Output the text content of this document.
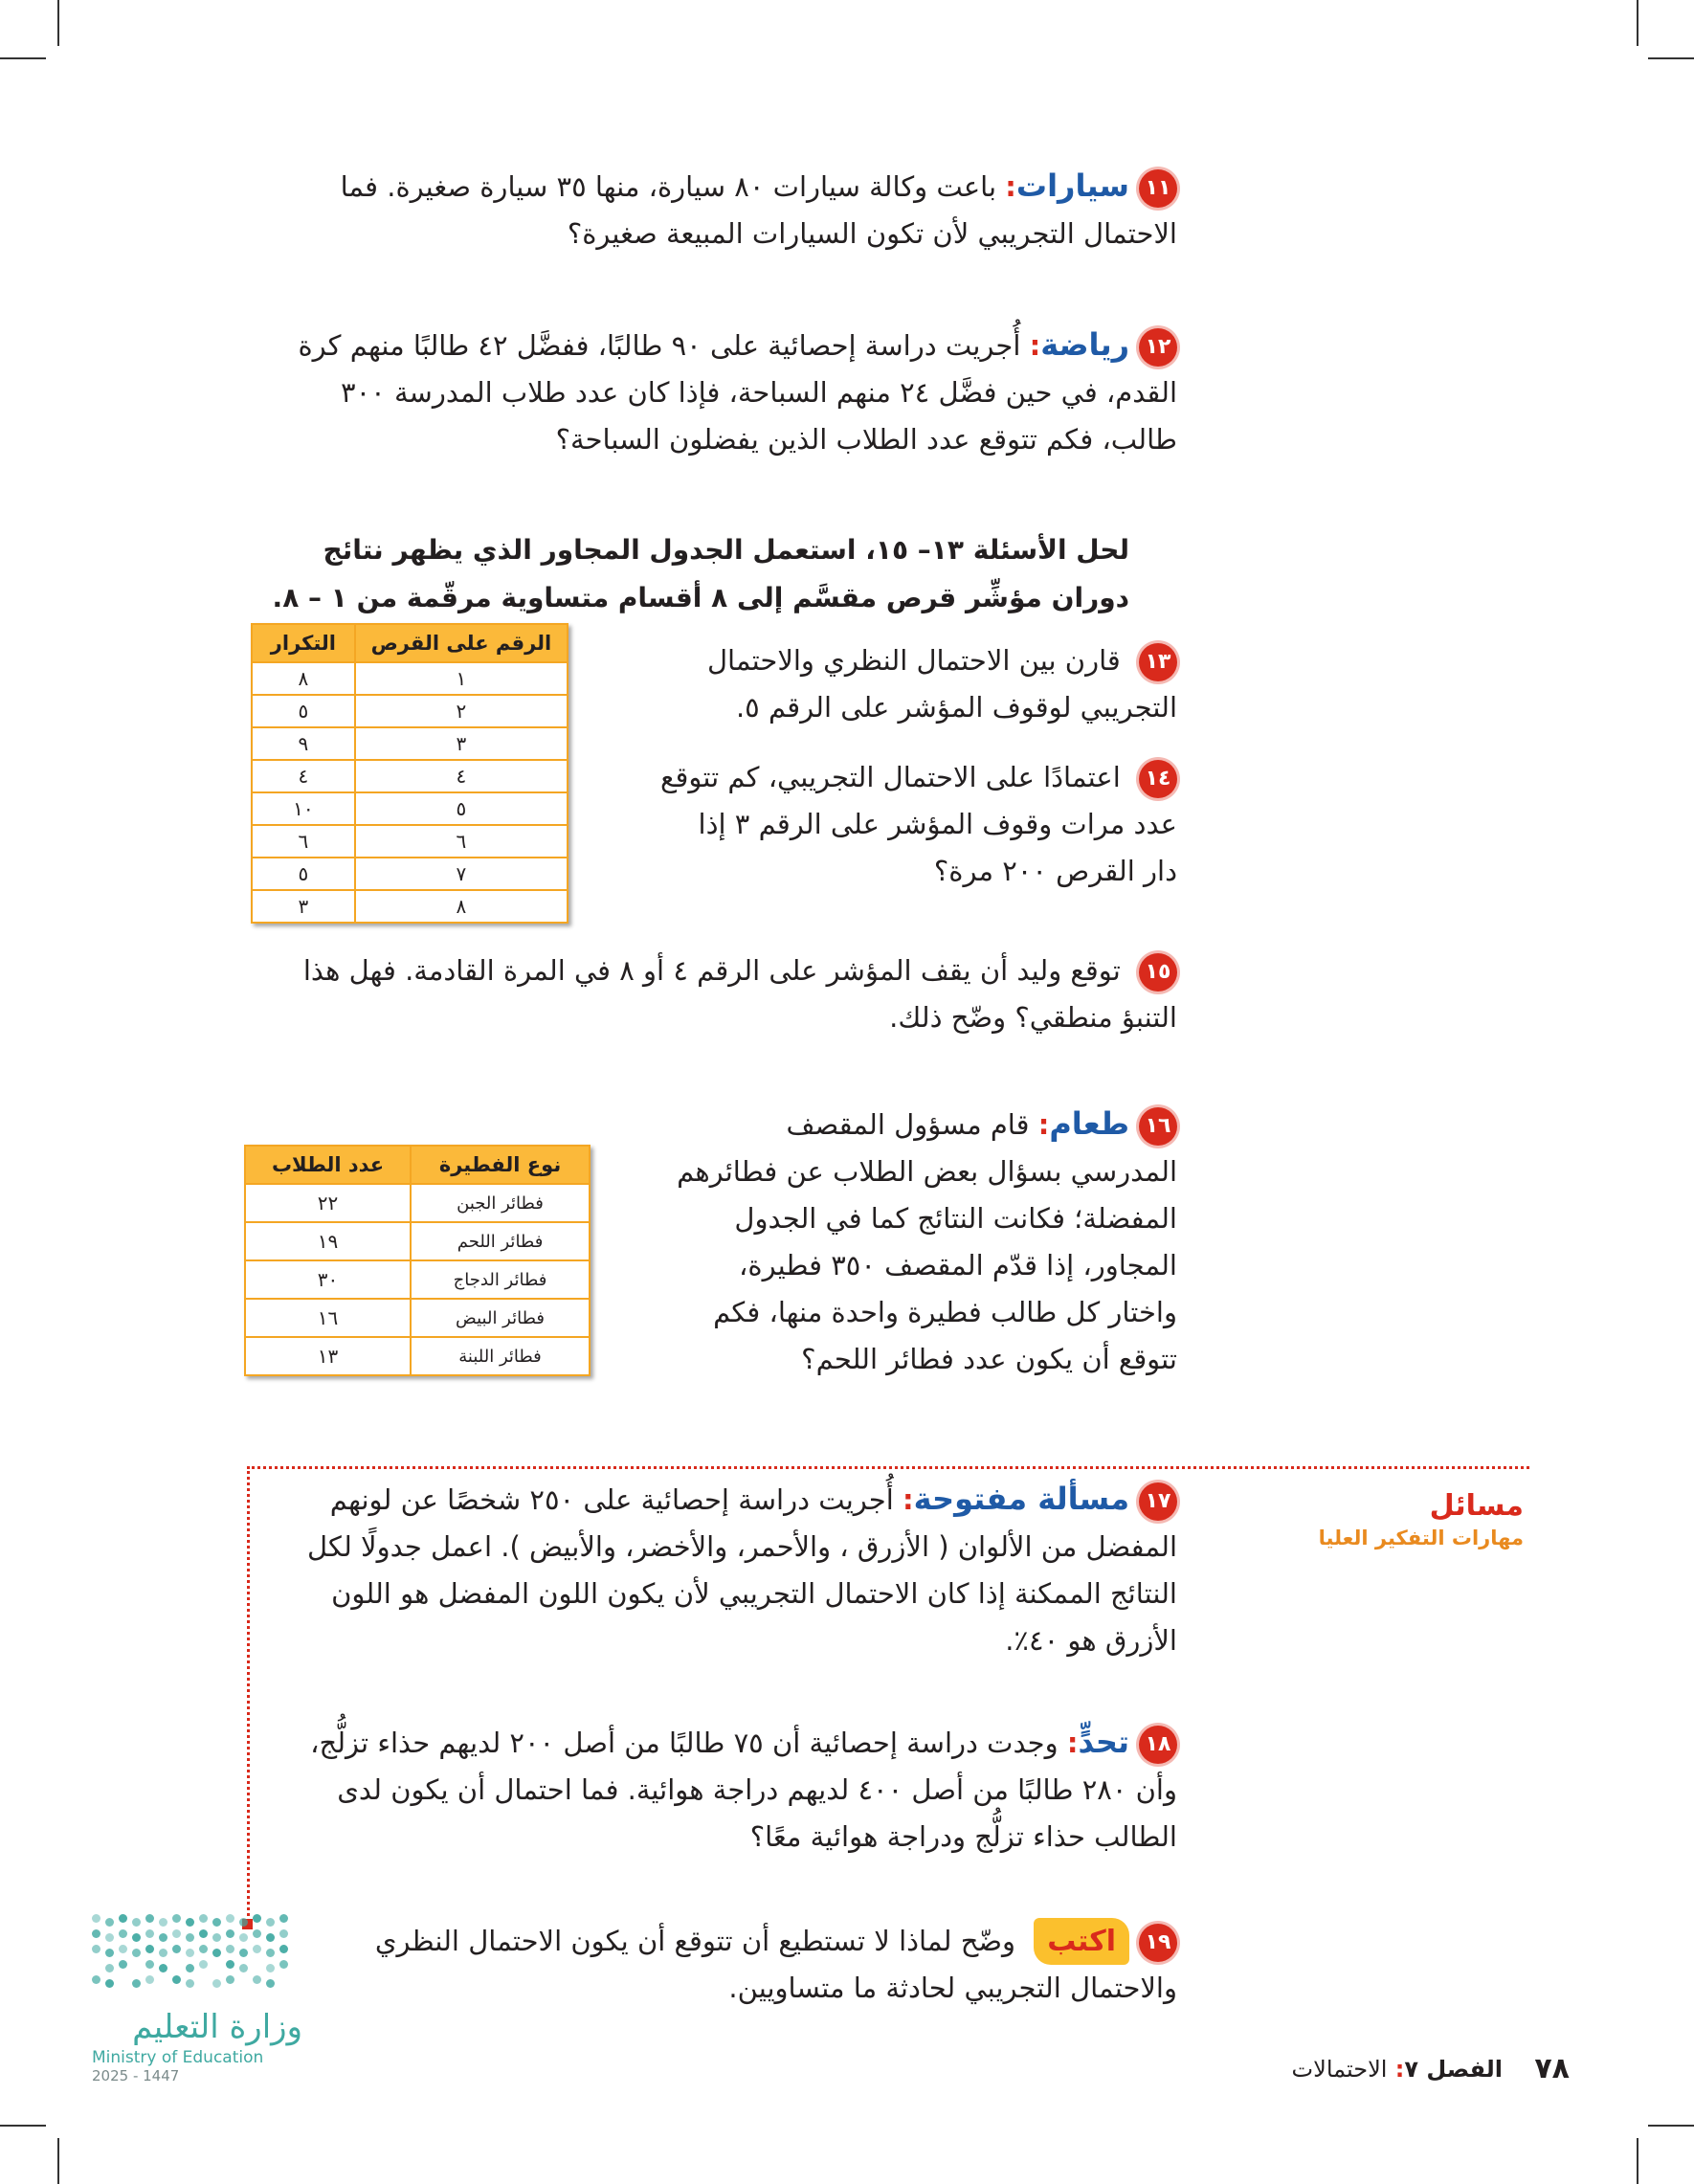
١١سيارات: باعت وكالة سيارات ٨٠ سيارة، منها ٣٥ سيارة صغيرة. فما الاحتمال التجريبي لأن تكون السيارات المبيعة صغيرة؟
١٢رياضة: أُجريت دراسة إحصائية على ٩٠ طالبًا، ففضَّل ٤٢ طالبًا منهم كرة القدم، في حين فضَّل ٢٤ منهم السباحة، فإذا كان عدد طلاب المدرسة ٣٠٠ طالب، فكم تتوقع عدد الطلاب الذين يفضلون السباحة؟
لحل الأسئلة ١٣– ١٥، استعمل الجدول المجاور الذي يظهر نتائج دوران مؤشِّر قرص مقسَّم إلى ٨ أقسام متساوية مرقّمة من ١ – ٨.
الرقم على القرص	التكرار
١	٨
٢	٥
٣	٩
٤	٤
٥	١٠
٦	٦
٧	٥
٨	٣
١٣ قارن بين الاحتمال النظري والاحتمال التجريبي لوقوف المؤشر على الرقم ٥.
١٤ اعتمادًا على الاحتمال التجريبي، كم تتوقع عدد مرات وقوف المؤشر على الرقم ٣ إذا دار القرص ٢٠٠ مرة؟
١٥ توقع وليد أن يقف المؤشر على الرقم ٤ أو ٨ في المرة القادمة. فهل هذا التنبؤ منطقي؟ وضّح ذلك.
نوع الفطيرة	عدد الطلاب
فطائر الجبن	٢٢
فطائر اللحم	١٩
فطائر الدجاج	٣٠
فطائر البيض	١٦
فطائر اللبنة	١٣
١٦طعام: قام مسؤول المقصف المدرسي بسؤال بعض الطلاب عن فطائرهم المفضلة؛ فكانت النتائج كما في الجدول المجاور، إذا قدّم المقصف ٣٥٠ فطيرة، واختار كل طالب فطيرة واحدة منها، فكم تتوقع أن يكون عدد فطائر اللحم؟
مسائل
مهارات التفكير العليا
١٧مسألة مفتوحة: أُجريت دراسة إحصائية على ٢٥٠ شخصًا عن لونهم المفضل من الألوان ( الأزرق ، والأحمر، والأخضر، والأبيض ). اعمل جدولًا لكل النتائج الممكنة إذا كان الاحتمال التجريبي لأن يكون اللون المفضل هو اللون الأزرق هو ٤٠٪.
١٨تحدٍّ: وجدت دراسة إحصائية أن ٧٥ طالبًا من أصل ٢٠٠ لديهم حذاء تزلُّج، وأن ٢٨٠ طالبًا من أصل ٤٠٠ لديهم دراجة هوائية. فما احتمال أن يكون لدى الطالب حذاء تزلُّج ودراجة هوائية معًا؟
١٩اكتب وضّح لماذا لا تستطيع أن تتوقع أن يكون الاحتمال النظري والاحتمال التجريبي لحادثة ما متساويين.
وزارة التعليم
Ministry of Education
2025 - 1447	٧٨
الفصل ٧: الاحتمالات
